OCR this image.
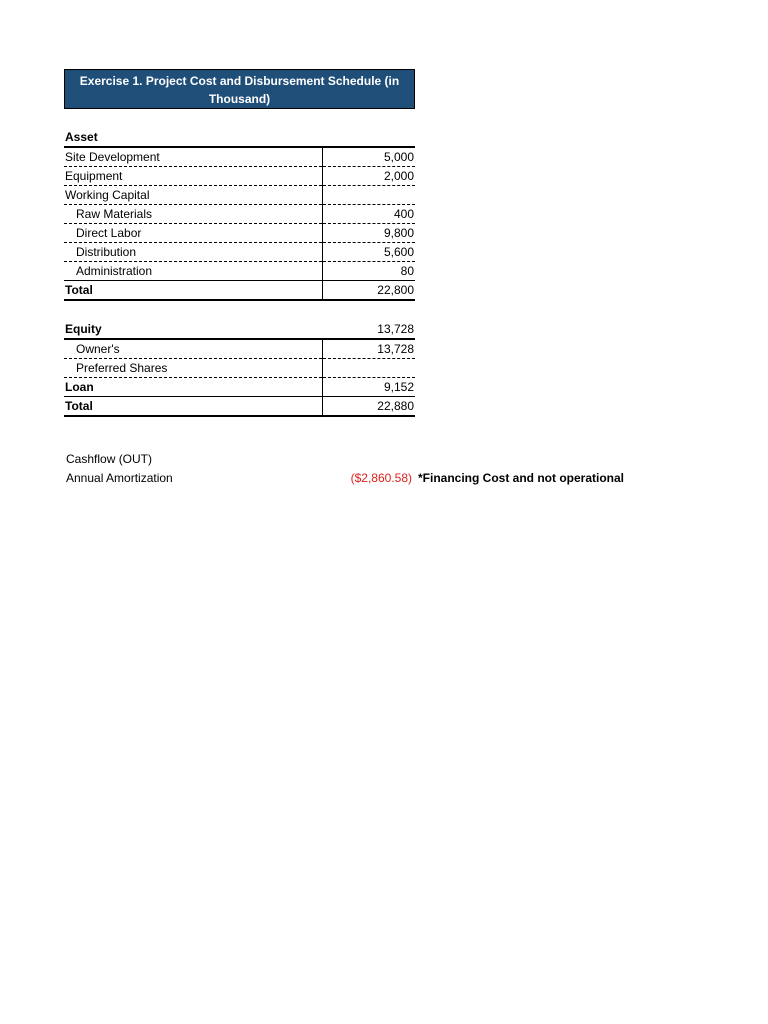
Exercise 1. Project Cost and Disbursement Schedule (in Thousand)
Asset
Site Development	5,000
Equipment	2,000
Working Capital	
Raw Materials	400
Direct Labor	9,800
Distribution	5,600
Administration	80
Total	22,800
Equity	13,728
Owner's	13,728
Preferred Shares	
Loan	9,152
Total	22,880
Cashflow (OUT)
Annual Amortization	($2,860.58) *Financing Cost and not operational
